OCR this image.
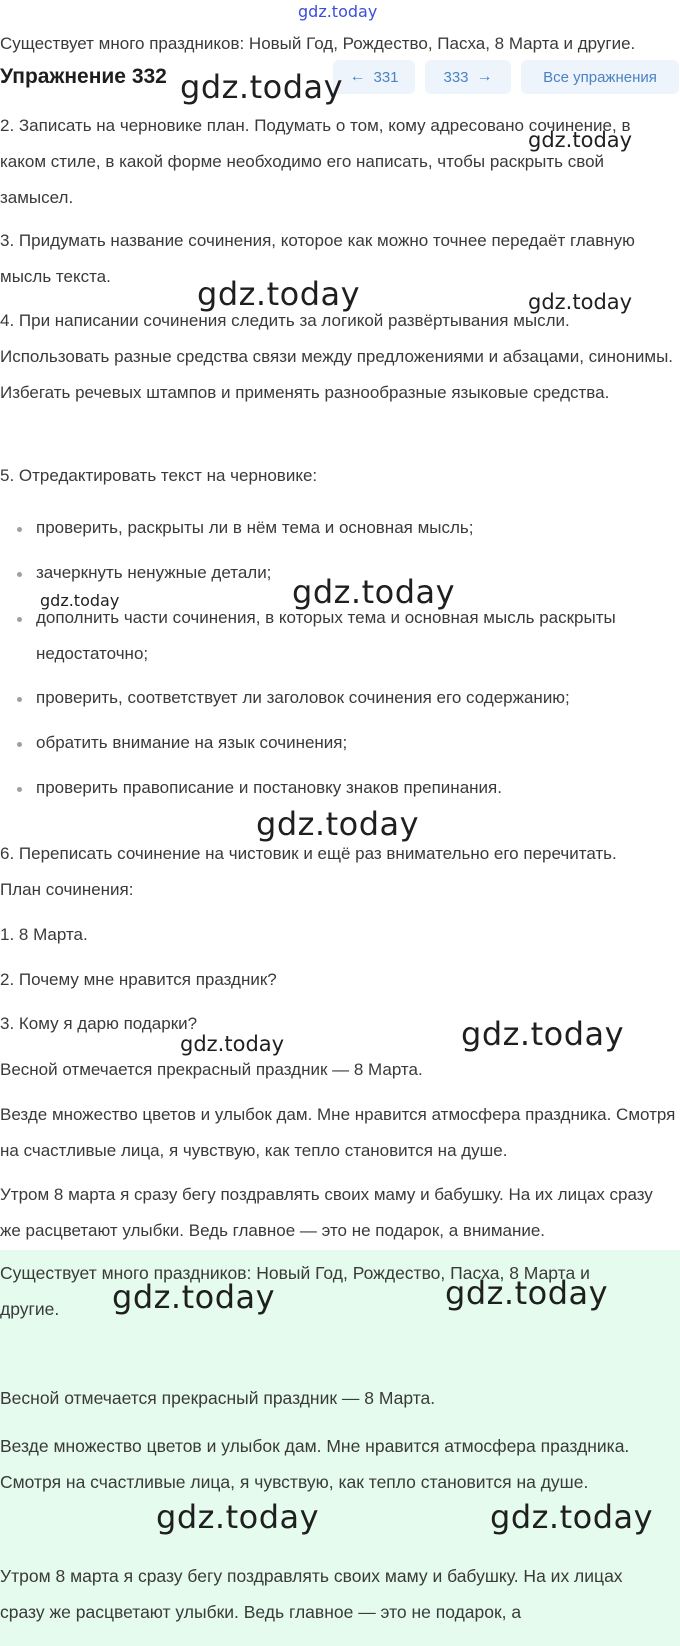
gdz.today

Существует много праздников: Новый Год, Рождество, Пасха, 8 Марта и другие.

Упражнение 332	← 331	333 →	Все упражнения

2. Записать на черновике план. Подумать о том, кому адресовано сочинение, в каком стиле, в какой форме необходимо его написать, чтобы раскрыть свой замысел.

3. Придумать название сочинения, которое как можно точнее передаёт главную мысль текста.

4. При написании сочинения следить за логикой развёртывания мысли. Использовать разные средства связи между предложениями и абзацами, синонимы. Избегать речевых штампов и применять разнообразные языковые средства.

5. Отредактировать текст на черновике:

проверить, раскрыты ли в нём тема и основная мысль;
зачеркнуть ненужные детали;
дополнить части сочинения, в которых тема и основная мысль раскрыты недостаточно;
проверить, соответствует ли заголовок сочинения его содержанию;
обратить внимание на язык сочинения;
проверить правописание и постановку знаков препинания.

6. Переписать сочинение на чистовик и ещё раз внимательно его перечитать.

План сочинения:

1. 8 Марта.

2. Почему мне нравится праздник?

3. Кому я дарю подарки?

Весной отмечается прекрасный праздник — 8 Марта.

Везде множество цветов и улыбок дам. Мне нравится атмосфера праздника. Смотря на счастливые лица, я чувствую, как тепло становится на душе.

Утром 8 марта я сразу бегу поздравлять своих маму и бабушку. На их лицах сразу же расцветают улыбки. Ведь главное — это не подарок, а внимание.

Существует много праздников: Новый Год, Рождество, Пасха, 8 Марта и другие.

Весной отмечается прекрасный праздник — 8 Марта.

Везде множество цветов и улыбок дам. Мне нравится атмосфера праздника. Смотря на счастливые лица, я чувствую, как тепло становится на душе.

Утром 8 марта я сразу бегу поздравлять своих маму и бабушку. На их лицах сразу же расцветают улыбки. Ведь главное — это не подарок, а

gdz.today
gdz.today
gdz.today	gdz.today
gdz.today
gdz.today
gdz.today
gdz.today
gdz.today
gdz.today	gdz.today
gdz.today	gdz.today
